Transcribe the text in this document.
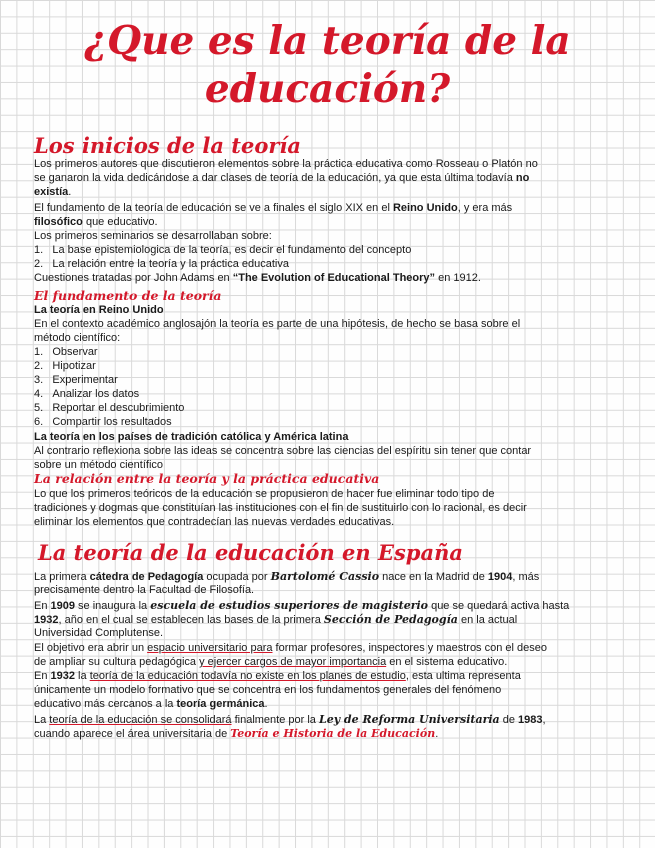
¿Que es la teoría de la
educación?
Los inicios de la teoría
Los primeros autores que discutieron elementos sobre la práctica educativa como Rosseau o Platón no
se ganaron la vida dedicándose a dar clases de teoría de la educación, ya que esta última todavía no
existía.
El fundamento de la teoría de educación se ve a finales el siglo XIX en el Reino Unido, y era más
filosófico que educativo.
Los primeros seminarios se desarrollaban sobre:
1. La base epistemiologica de la teoría, es decir el fundamento del concepto
2. La relación entre la teoría y la práctica educativa
Cuestiones tratadas por John Adams en “The Evolution of Educational Theory” en 1912.
El fundamento de la teoría
La teoría en Reino Unido
En el contexto académico anglosajón la teoría es parte de una hipótesis, de hecho se basa sobre el
método científico:
1. Observar
2. Hipotizar
3. Experimentar
4. Analizar los datos
5. Reportar el descubrimiento
6. Compartir los resultados
La teoría en los países de tradición católica y América latina
Al contrario reflexiona sobre las ideas se concentra sobre las ciencias del espíritu sin tener que contar
sobre un método científico
La relación entre la teoría y la práctica educativa
Lo que los primeros teóricos de la educación se propusieron de hacer fue eliminar todo tipo de
tradiciones y dogmas que constituían las instituciones con el fin de sustituirlo con lo racional, es decir
eliminar los elementos que contradecían las nuevas verdades educativas.
La teoría de la educación en España
La primera cátedra de Pedagogía ocupada por Bartolomé Cassio nace en la Madrid de 1904, más
precisamente dentro la Facultad de Filosofía.
En 1909 se inaugura la escuela de estudios superiores de magisterio que se quedará activa hasta
1932, año en el cual se establecen las bases de la primera Sección de Pedagogía en la actual
Universidad Complutense.
El objetivo era abrir un espacio universitario para formar profesores, inspectores y maestros con el deseo
de ampliar su cultura pedagógica y ejercer cargos de mayor importancia en el sistema educativo.
En 1932 la teoría de la educación todavía no existe en los planes de estudio, esta ultima representa
únicamente un modelo formativo que se concentra en los fundamentos generales del fenómeno
educativo más cercanos a la teoría germánica.
La teoría de la educación se consolidará finalmente por la Ley de Reforma Universitaria de 1983,
cuando aparece el área universitaria de Teoría e Historia de la Educación.
